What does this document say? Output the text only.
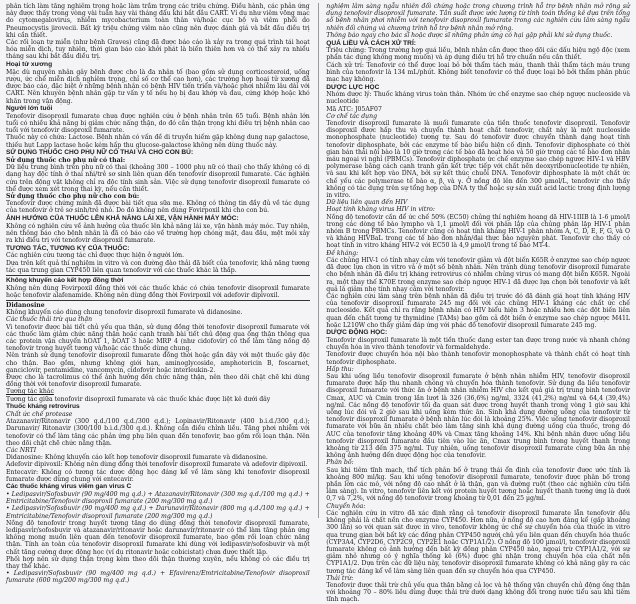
phân tích làm tăng nghiêm trọng hoặc làm trầm trọng các triệu chứng. Điều hành, các phản ứng này được thấy trong vòng vài tuần hay vài tháng đầu khi bắt đầu CART. Ví dụ như viêm võng mạc do cytomegalovirus, nhiễm mycobacterium toàn thân và/hoặc cục bộ và viêm phổi do Pneumocystis jirovecii. Bất kỳ triệu chứng viêm nào cũng nên được đánh giá và bắt đầu điều trị khi cần thiết.

Các rối loạn tự miễn (như bệnh Graves) cũng đã được báo cáo là xảy ra trong quá trình tái hoạt hóa miễn dịch, tuy nhiên, thời gian báo cáo khởi phát là biến thiên hơn và có thể xảy ra nhiều tháng sau khi bắt đầu điều trị.

Hoại tử xương

Mặc dù nguyên nhân gây bệnh được cho là đa nhân tố (bao gồm sử dụng corticosteroid, uống rượu, ức chế miễn dịch nghiêm trọng, chỉ số cơ thể cao hơn), các trường hợp hoại tử xương đã được báo cáo, đặc biệt ở những bệnh nhân có bệnh HIV tiến triển và/hoặc phơi nhiễm lâu dài với CART. Nên khuyên bệnh nhân gặp tư vấn y tế nếu họ bị đau khớp và đau, cứng khớp hoặc khó khăn trong vận động.

Người lớn tuổi

Tenofovir disoproxil fumarate chưa được nghiên cứu ở bệnh nhân trên 65 tuổi. Bệnh nhân lớn tuổi có nhiều khả năng bị giảm chức năng thận, do đó cần thận trọng khi điều trị bệnh nhân cao tuổi với tenofovir disoproxil fumarate.

Thuốc này có chứa: Lactose. Bệnh nhân có vấn đề di truyền hiếm gặp không dung nạp galactose, thiếu hụt Lapp lactase hoặc kém hấp thu glucose-galactose không nên dùng thuốc này.

SỬ DỤNG THUỐC CHO PHỤ NỮ CÓ THAI VÀ CHO CON BÚ:

Sử dụng thuốc cho phụ nữ có thai:

Dữ liệu trung bình trên phụ nữ có thai (khoảng 300 – 1000 phụ nữ có thai) cho thấy không có dị dạng hay độc tính ở thai nhi/trẻ sơ sinh liên quan đến tenofovir disoproxil fumarate. Các nghiên cứu trên động vật không chỉ ra độc tính sinh sản. Việc sử dụng tenofovir disoproxil fumarate có thể được xem xét trong thai kỳ, nếu cần thiết.

Sử dụng thuốc cho phụ nữ cho con bú:

Tenofovir được chứng minh đã được bài tiết qua sữa mẹ. Không có thông tin đầy đủ về tác dụng của tenofovir ở trẻ sơ sinh/trẻ nhỏ. Do đó không nên dùng Fovirpoxil khi cho con bú.

ẢNH HƯỞNG CỦA THUỐC LÊN KHẢ NĂNG LÁI XE, VẬN HÀNH MÁY MÓC:

Không có nghiên cứu về ảnh hưởng của thuốc lên khả năng lái xe, vận hành máy móc. Tuy nhiên, nên thông báo cho bệnh nhân là đã có báo cáo về trường hợp chóng mặt, đau đầu, mệt mỏi xảy ra khi điều trị với tenofovir disoproxil fumarate.

TƯƠNG TÁC, TƯƠNG KỴ CỦA THUỐC:

Các nghiên cứu tương tác chỉ được thực hiện ở người lớn.

Dựa trên kết quả thí nghiệm in vitro và con đường đào thải đã biết của tenofovir, khả năng tương tác qua trung gian CYP450 liên quan tenofovir với các thuốc khác là thấp.

Không khuyến cáo kết hợp đồng thời

Không nên dùng Fovirpoxil đồng thời với các thuốc khác có chứa tenofovir disoproxil fumarate hoặc tenofovir alafenamide. Không nên dùng đồng thời Fovirpoxil với adefovir dipivoxil.

Didanosine

Không khuyến cáo dùng chung tenofovir disoproxil fumarate và didanosine.

Các thuốc thải trừ qua thận

Vì tenofovir được bài tiết chủ yếu qua thận, sử dụng đồng thời tenofovir disoproxil fumarate với các thuốc làm giảm chức năng thận hoặc cạnh tranh bài tiết chủ động qua ống thận thông qua các protein vận chuyển hOAT 1, hOAT 3 hoặc MRP 4 (như cidofovir) có thể làm tăng nồng độ tenofovir trong huyết tương và/hoặc các thuốc dùng chung.

Nên tránh sử dụng tenofovir disoproxil fumarate đồng thời hoặc gần đây với một thuốc gây độc cho thận. Bao gồm, nhưng không giới hạn, aminoglycoside, amphotericin B, foscarnet, ganciclovir, pentamidine, vancomycin, cidofovir hoặc interleukin-2.

Được cho là tacrolimus có thể ảnh hưởng đến chức năng thận, nên theo dõi chặt chẽ khi dùng đồng thời với tenofovir disoproxil fumarate.

Tương tác khác

Tương tác giữa tenofovir disoproxil fumarate và các thuốc khác được liệt kê dưới đây

Thuốc kháng retrovirus

Chất ức chế protease

Atazanavir/Ritonavir (300 q.d./100 q.d./300 q.d.); Lopinavir/Ritonavir (400 b.i.d./300 q.d.); Darunavir/ Ritonavir (300/100 b.i.d./300 q.d.). Không cần điều chỉnh liều. Tăng phơi nhiễm với tenofovir có thể làm tăng các phản ứng phụ liên quan đến tenofovir, bao gồm rối loạn thận. Nên theo dõi chặt chẽ chức năng thận.

Các NRTI

Didanosine: Không khuyến cáo kết hợp tenofovir disoproxil fumarate và didanosine.

Adefovir dipivoxil: Không nên dùng đồng thời tenofovir disoproxil fumarate và adefovir dipivoxil.

Entecavir: Không có tương tác dược động học đáng kể về lâm sàng khi tenofovir disoproxil fumarate được dùng chung với entecavir.

Các thuốc kháng virus viêm gan virus C

• Ledipasvir/Sofosbuvir (90 mg/400 mg q.d.) + Atazanavir/Ritonavir (300 mg q.d./100 mg q.d.) + Emtricitabine/Tenofovir disoproxil fumarate (200 mg/300 mg q.d.)

• Ledipasvir/Sofosbuvir (90 mg/400 mg q.d.) + Darunavir/Ritonavir (800 mg q.d./100 mg q.d.) + Emtricitabine/Tenofovir disoproxil fumarate (200 mg/300 mg q.d.)

Nồng độ tenofovir trong huyết tương tăng do dùng đồng thời tenofovir disoproxil fumarate, ledipasvir/sofosbuvir và atazanavir/ritonavir hoặc darunavir/ritonavir có thể làm tăng phản ứng không mong muốn liên quan đến tenofovir disoproxil fumarate, bao gồm rối loạn chức năng thận. Tính an toàn của tenofovir disoproxil fumarate khi dùng với ledipasvir/sofosbuvir và một chất tăng cường dược động học (ví dụ ritonavir hoặc cobicistat) chưa được thiết lập.

Phối hợp nên sử dụng thận trọng kèm theo dõi thận thường xuyên, nếu không có các điều trị thay thế khác.

• Ledipasvir/Sofosbuvir (90 mg/400 mg q.d.) + Efavirenz/Emtricitabine/Tenofovir disoproxil fumarate (600 mg/200 mg/300 mg q.d.)

nghiệm lâm sàng ngẫu nhiên đối chứng hoặc trong chương trình hỗ trợ bệnh nhân mở rộng sử dụng tenofovir disoproxil fumarate. Tần suất được ước lượng từ tính toán thống kê dựa trên tổng số bệnh nhân phơi nhiễm với tenofovir disoproxil fumarate trong các nghiên cứu lâm sàng ngẫu nhiên đối chứng và chương trình hỗ trợ bệnh nhân mở rộng.

Thông báo ngay cho bác sĩ hoặc dược sĩ những phản ứng có hại gặp phải khi sử dụng thuốc.

QUÁ LIỀU VÀ CÁCH XỬ TRÍ:

Triệu chứng: Trong trường hợp quá liều, bệnh nhân cần được theo dõi các dấu hiệu ngộ độc (xem phần tác dụng không mong muốn) và áp dụng điều trị hỗ trợ chuẩn nếu cần thiết.

Cách xử trí: Tenofovir có thể được loại bỏ bởi thẩm tách máu, thanh thải thẩm tách máu trung bình của tenofovir là 134 mL/phút. Không biết tenofovir có thể được loại bỏ bởi thẩm phân phúc mạc hay không.

DƯỢC LỰC HỌC

Nhóm dược lý: Thuốc kháng virus toàn thân. Nhóm ức chế enzyme sao chép ngược nucleoside và nucleotide

Mã ATC: J05AF07

Cơ chế tác dụng

Tenofovir disoproxil fumarate là muối fumarate của tiền thuốc tenofovir disoproxil. Tenofovir disoproxil được hấp thu và chuyển thành hoạt chất tenofovir, chất này là một nucleoside monophosphate (nucleotide) tương tự. Sau đó tenofovir được chuyển thành dạng hoạt tính tenofovir diphosphate, bởi các enzyme tế bào biểu hiện cố định. Tenofovir diphosphate có thời gian bán thải nội bào là 10 giờ trong các tế bào đã hoạt hóa và 50 giờ trong các tế bào đơn nhân máu ngoại vi nghỉ (PBMCs). Tenofovir diphosphate ức chế enzyme sao chép ngược HIV-1 và HBV polymerase bằng cách cạnh tranh gắn kết trực tiếp với chất nền deoxyribonucleotide tự nhiên, và sau khi kết hợp vào DNA, bởi sự kết thúc chuỗi DNA. Tenofovir diphosphate là một chất ức chế yếu các polymerase tế bào α, β, và γ. Ở nồng độ lên đến 300 µmol/L, tenofovir cho thấy không có tác dụng trên sự tổng hợp của DNA ty thể hoặc sự sản xuất acid lactic trong định lượng in vitro.

Dữ liệu liên quan đến HIV

Hoạt tính kháng virus HIV in vitro:

Nồng độ tenofovir cần để ức chế 50% (EC50) chủng thí nghiệm hoang dã HIV-1IIIB là 1-6 µmol/l trong các dòng tế bào lympho và 1,1 µmol/l đối với phân lập của chủng phân lập HIV-1 phân nhóm B trong PBMCs. Tenofovir cũng có hoạt tính kháng HIV-1 phân nhóm A, C, D, E, F, G, và O và kháng HIVBaL trong các tế bào đơn nhân/đại thực bào nguyên phát. Tenofovir cho thấy có hoạt tính in vitro kháng HIV-2 với EC50 là 4,9 µmol/l trong tế bào MT-4.

Đề kháng:

Các chủng HIV-1 có tính nhạy cảm với tenofovir giảm và đột biến K65R ở enzyme sao chép ngược đã được lựa chọn in vitro và ở một số bệnh nhân. Nên tránh dùng tenofovir disoproxil fumarate cho bệnh nhân đã điều trị kháng retrovirus có nhiễm chủng virus có mang đột biến K65R. Ngoài ra, một thay thế K70E trong enzyme sao chép ngược HIV-1 đã được lựa chọn bởi tenofovir và kết quả là giảm nhẹ tính nhạy cảm với tenofovir.

Các nghiên cứu lâm sàng trên bệnh nhân đã điều trị trước đó đã đánh giá hoạt tính kháng HIV của tenofovir disoproxil fumarate 245 mg đối với các chủng HIV-1 kháng các chất ức chế nucleoside. Kết quả chỉ ra rằng bệnh nhân có HIV biểu hiện 3 hoặc nhiều hơn các đột biến liên quan đến chất tương tự thymidine (TAMs) bao gồm cả đột biến ở enzyme sao chép ngược M41L hoặc L210W cho thấy giảm đáp ứng với phác đồ tenofovir disoproxil fumarate 245 mg.

DƯỢC ĐỘNG HỌC:

Tenofovir disoproxil fumarate là một tiền thuốc dạng ester tan được trong nước và nhanh chóng chuyển hóa in vivo thành tenofovir và formaldehyde.

Tenofovir được chuyển hóa nội bào thành tenofovir monophosphate và thành chất có hoạt tính tenofovir diphosphate.

Hấp thu:

Sau khi uống liều tenofovir disoproxil fumarate ở bệnh nhân nhiễm HIV, tenofovir disoproxil fumarate được hấp thu nhanh chóng và chuyển hóa thành tenofovir. Sử dụng đa liều tenofovir disoproxil fumarate với thức ăn ở bệnh nhân nhiễm HIV cho kết quả giá trị trung bình tenofovir Cmax, AUC và Cmin trong lần lượt là 326 (36,6%) ng/ml, 3324 (41,2%) ng/ml và 64,4 (39,4%) ng/ml. Các nồng độ tenofovir tối đa quan sát được trong huyết thanh trong vòng 1 giờ sau khi uống lúc đói và 2 giờ sau khi uống kèm thức ăn. Sinh khả dụng đường uống của tenofovir từ tenofovir disoproxil fumarate ở bệnh nhân lúc đói là khoảng 25%. Việc uống tenofovir disoproxil fumarate với bữa ăn nhiều chất béo làm tăng sinh khả dụng đường uống của thuốc, trong đó AUC của tenofovir tăng khoảng 40% và Cmax tăng khoảng 14%. Khi bệnh nhân được uống liều tenofovir disoproxil fumarate đầu tiên vào lúc ăn, Cmax trung bình trong huyết thanh trong khoảng từ 213 đến 375 ng/ml. Tuy nhiên, uống tenofovir disoproxil fumarate cùng bữa ăn nhẹ không ảnh hưởng đến dược động học của tenofovir.

Phân bố:

Sau khi tiêm tĩnh mạch, thể tích phân bố ở trạng thái ổn định của tenofovir được ước tính là khoảng 800 ml/kg. Sau khi uống tenofovir disoproxil fumarate, tenofovir được phân bố trong phần lớn các mô, với nồng độ cao nhất ở là thận, gan và đường ruột (theo các nghiên cứu tiền lâm sàng). In vitro, tenofovir liên kết với protein huyết tương hoặc huyết thanh tương ứng là dưới 0,7 và 7,2%, với nồng độ tenofovir trong khoảng từ 0,01 đến 25 µg/ml.

Chuyển hóa:

Các nghiên cứu in vitro đã xác định rằng cả tenofovir disoproxil fumarate lẫn tenofovir đều không phải là chất nền cho enzyme CYP450. Hơn nữa, ở nồng độ cao hơn đáng kể (gấp khoảng 300 lần) so với quan sát được in vivo, tenofovir không ức chế sự chuyển hóa của thuốc in vitro qua trung gian bởi bất kỳ các đồng phân CYP450 người chủ yếu liên quan đến chuyển hóa thuốc (CYP3A4, CYP2D6, CYP2C9, CYP2E1 hoặc CYP1A1/2). Ở nồng độ 100 µmol/l, tenofovir disoproxil fumarate không có ảnh hưởng đến bất kỳ đồng phân CYP450 nào, ngoại trừ CYP1A1/2, với sự giảm nhỏ nhưng có ý nghĩa thống kê (6%) được ghi nhận trong chuyển hóa của chất nền CYP1A1/2. Dựa trên các dữ liệu này, tenofovir disoproxil fumarate không có khả năng gây ra các tương tác đáng kể về lâm sàng liên quan đến sự chuyển hóa qua CYP450.

Thải trừ:

Tenofovir được thải trừ chủ yếu qua thận bằng cả lọc và hệ thống vận chuyển chủ động ống thận với khoảng 70 – 80% liều dùng được thải trừ dưới dạng không đổi trong nước tiểu sau khi tiêm tĩnh mạch.
